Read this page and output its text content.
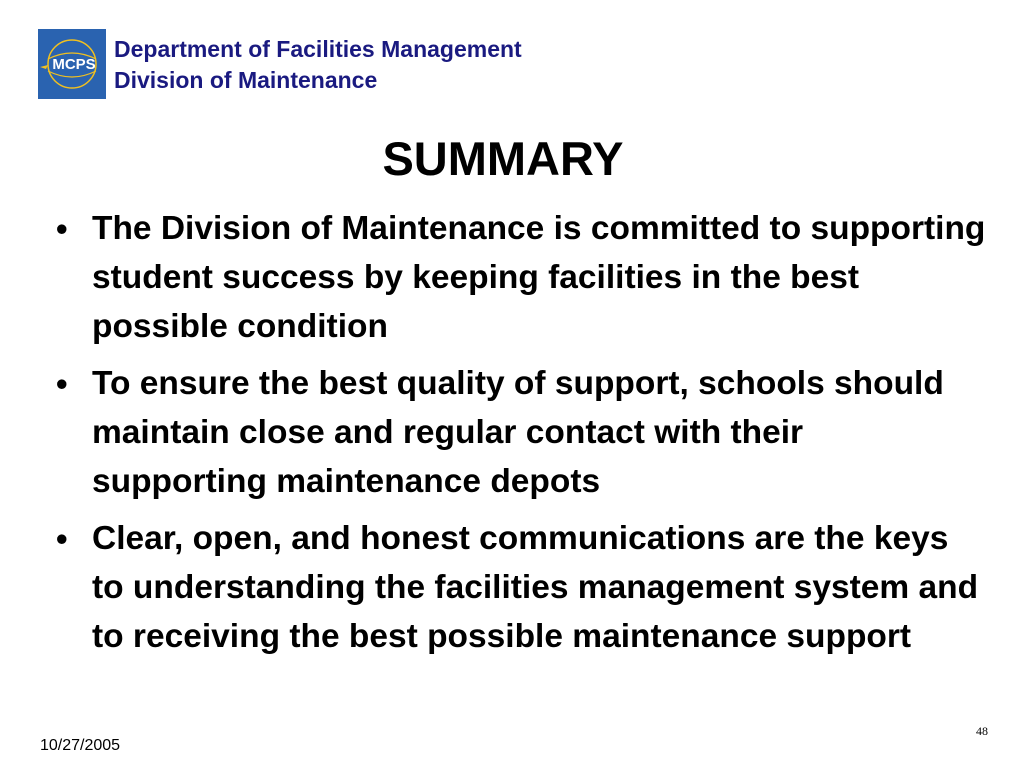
MCPS
Department of Facilities Management
Division of Maintenance
SUMMARY
• The Division of Maintenance is committed to supporting student success by keeping facilities in the best possible condition
• To ensure the best quality of support, schools should maintain close and regular contact with their supporting maintenance depots
• Clear, open, and honest communications are the keys to understanding the facilities management system and to receiving the best possible maintenance support
10/27/2005
48
